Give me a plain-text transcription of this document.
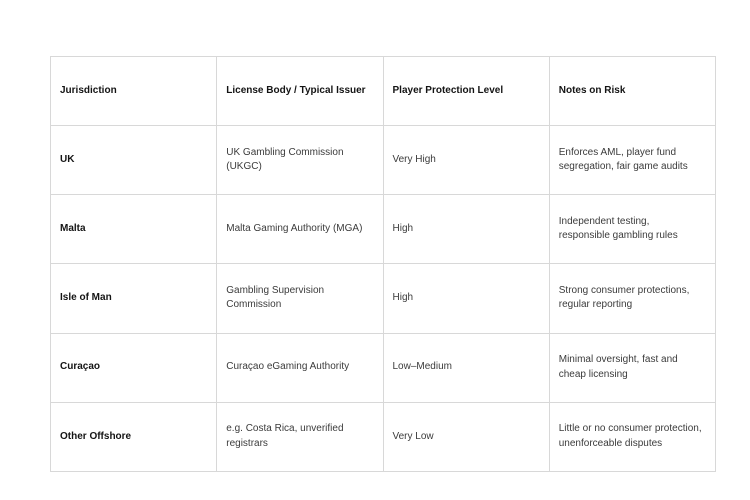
Jurisdiction	License Body / Typical Issuer	Player Protection Level	Notes on Risk
UK	UK Gambling Commission (UKGC)	Very High	Enforces AML, player fund segregation, fair game audits
Malta	Malta Gaming Authority (MGA)	High	Independent testing, responsible gambling rules
Isle of Man	Gambling Supervision Commission	High	Strong consumer protections, regular reporting
Curaçao	Curaçao eGaming Authority	Low–Medium	Minimal oversight, fast and cheap licensing
Other Offshore	e.g. Costa Rica, unverified registrars	Very Low	Little or no consumer protection, unenforceable disputes
